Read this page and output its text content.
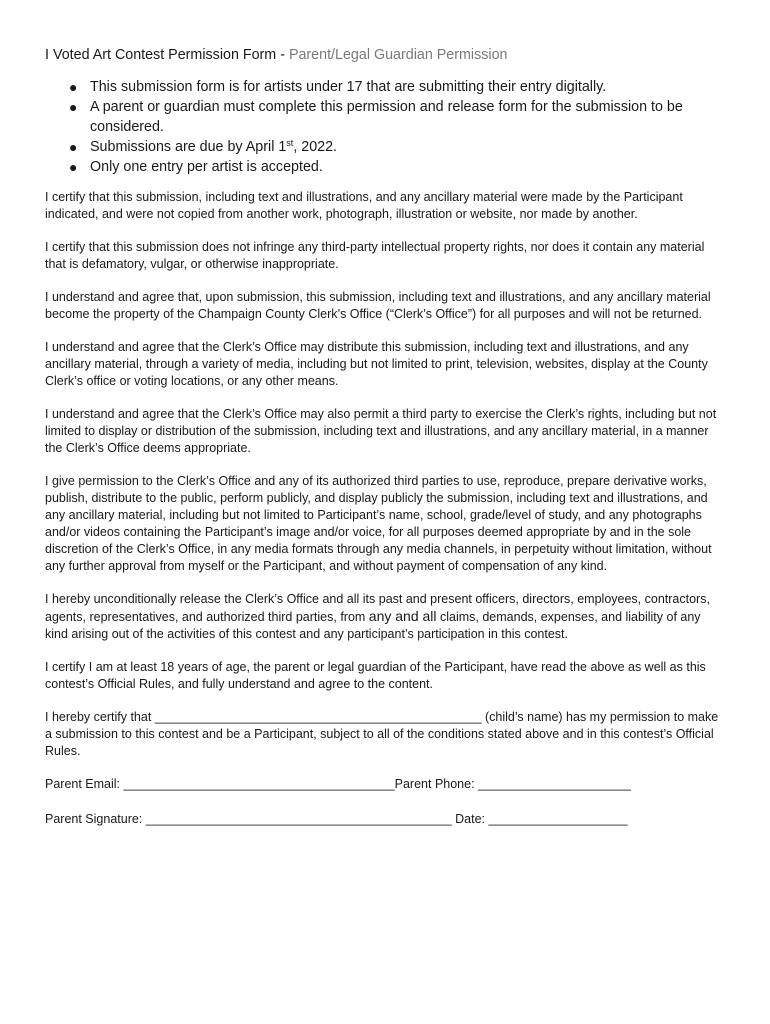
I Voted Art Contest Permission Form - Parent/Legal Guardian Permission
● This submission form is for artists under 17 that are submitting their entry digitally.
● A parent or guardian must complete this permission and release form for the submission to be considered.
● Submissions are due by April 1st, 2022.
● Only one entry per artist is accepted.

I certify that this submission, including text and illustrations, and any ancillary material were made by the Participant indicated, and were not copied from another work, photograph, illustration or website, nor made by another.

I certify that this submission does not infringe any third-party intellectual property rights, nor does it contain any material that is defamatory, vulgar, or otherwise inappropriate.

I understand and agree that, upon submission, this submission, including text and illustrations, and any ancillary material become the property of the Champaign County Clerk’s Office (“Clerk’s Office”) for all purposes and will not be returned.

I understand and agree that the Clerk’s Office may distribute this submission, including text and illustrations, and any ancillary material, through a variety of media, including but not limited to print, television, websites, display at the County Clerk’s office or voting locations, or any other means.

I understand and agree that the Clerk’s Office may also permit a third party to exercise the Clerk’s rights, including but not limited to display or distribution of the submission, including text and illustrations, and any ancillary material, in a manner the Clerk’s Office deems appropriate.

I give permission to the Clerk’s Office and any of its authorized third parties to use, reproduce, prepare derivative works, publish, distribute to the public, perform publicly, and display publicly the submission, including text and illustrations, and any ancillary material, including but not limited to Participant’s name, school, grade/level of study, and any photographs and/or videos containing the Participant’s image and/or voice, for all purposes deemed appropriate by and in the sole discretion of the Clerk’s Office, in any media formats through any media channels, in perpetuity without limitation, without any further approval from myself or the Participant, and without payment of compensation of any kind.

I hereby unconditionally release the Clerk’s Office and all its past and present officers, directors, employees, contractors, agents, representatives, and authorized third parties, from any and all claims, demands, expenses, and liability of any kind arising out of the activities of this contest and any participant’s participation in this contest.

I certify I am at least 18 years of age, the parent or legal guardian of the Participant, have read the above as well as this contest’s Official Rules, and fully understand and agree to the content.

I hereby certify that _______________________________________________ (child’s name) has my permission to make a submission to this contest and be a Participant, subject to all of the conditions stated above and in this contest’s Official Rules.

Parent Email: _______________________________________Parent Phone: ______________________
Parent Signature: ____________________________________________ Date: ____________________
